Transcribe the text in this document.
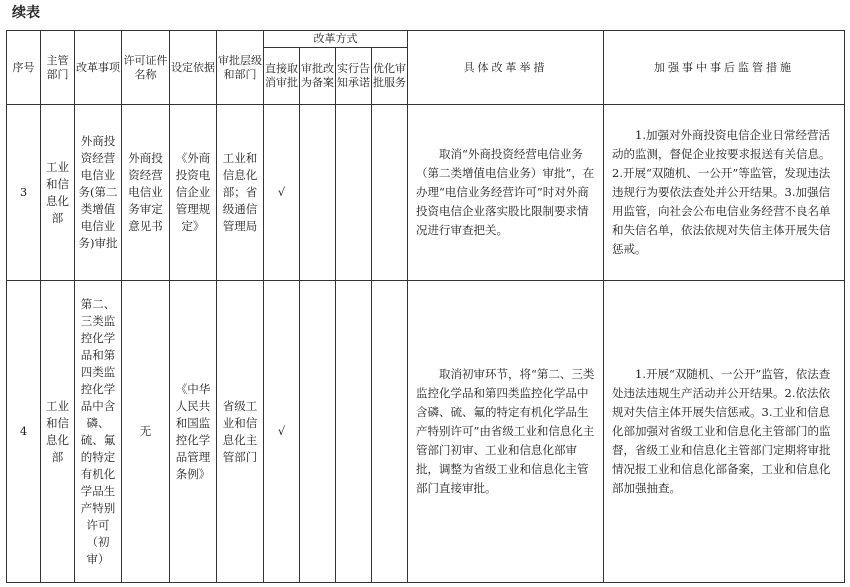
续表
序号	主管部门	改革事项	许可证件名称	设定依据	审批层级和部门	改革方式				具体改革举措	加强事中事后监管措施
						直接取消审批	审批改为备案	实行告知承诺	优化审批服务		
3	工业和信息化部	外商投资经营电信业务(第二类增值电信业务)审批	外商投资经营电信业务审定意见书	《外商投资电信企业管理规定》	工业和信息化部；省级通信管理局	√				取消“外商投资经营电信业务（第二类增值电信业务）审批”，在办理“电信业务经营许可”时对外商投资电信企业落实股比限制要求情况进行审查把关。	1.加强对外商投资电信企业日常经营活动的监测，督促企业按要求报送有关信息。2.开展“双随机、一公开”等监管，发现违法违规行为要依法查处并公开结果。3.加强信用监管，向社会公布电信业务经营不良名单和失信名单，依法依规对失信主体开展失信惩戒。
4	工业和信息化部	第二、三类监控化学品和第四类监控化学品中含磷、硫、氟的特定有机化学品生产特别许可（初审）	无	《中华人民共和国监控化学品管理条例》	省级工业和信息化主管部门	√				取消初审环节，将“第二、三类监控化学品和第四类监控化学品中含磷、硫、氟的特定有机化学品生产特别许可”由省级工业和信息化主管部门初审、工业和信息化部审批，调整为省级工业和信息化主管部门直接审批。	1.开展“双随机、一公开”监管，依法查处违法违规生产活动并公开结果。2.依法依规对失信主体开展失信惩戒。3.工业和信息化部加强对省级工业和信息化主管部门的监督，省级工业和信息化主管部门定期将审批情况报工业和信息化部备案，工业和信息化部加强抽查。
